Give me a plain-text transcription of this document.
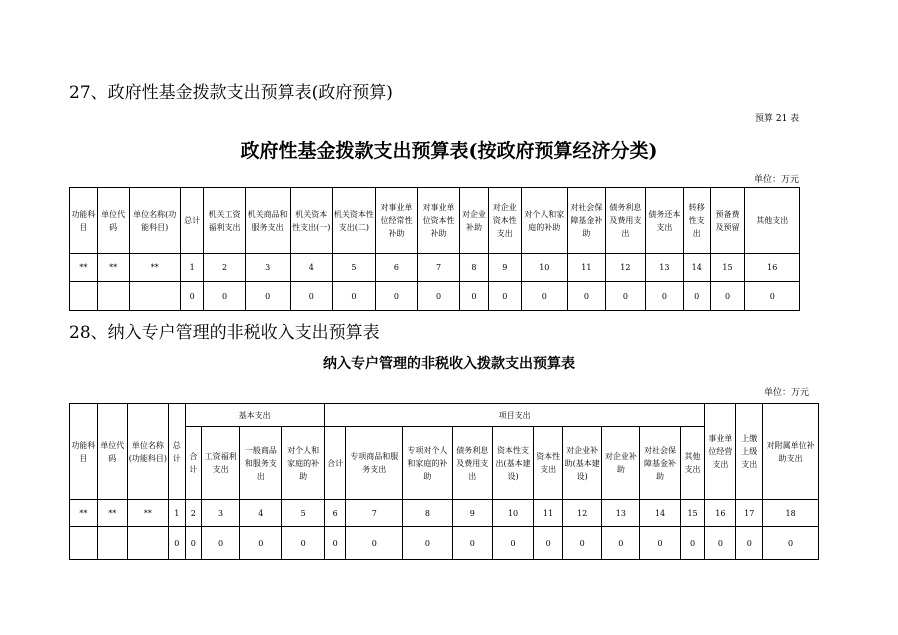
27、政府性基金拨款支出预算表(政府预算)
预算 21 表
政府性基金拨款支出预算表(按政府预算经济分类)
单位：万元
功能科目	单位代码	单位名称(功能科目)	总计	机关工资福利支出	机关商品和服务支出	机关资本性支出(一)	机关资本性支出(二)	对事业单位经常性补助	对事业单位资本性补助	对企业补助	对企业资本性支出	对个人和家庭的补助	对社会保障基金补助	债务利息及费用支出	债务还本支出	转移性支出	预备费及预留	其他支出
**	**	**	1	2	3	4	5	6	7	8	9	10	11	12	13	14	15	16
			0	0	0	0	0	0	0	0	0	0	0	0	0	0	0	0
28、纳入专户管理的非税收入支出预算表
纳入专户管理的非税收入拨款支出预算表
单位：万元
功能科目	单位代码	单位名称(功能科目)	总计	基本支出				项目支出										事业单位经营支出	上缴上级支出	对附属单位补助支出
				合计	工资福利支出	一般商品和服务支出	对个人和家庭的补助	合计	专项商品和服务支出	专项对个人和家庭的补助	债务利息及费用支出	资本性支出(基本建设)	资本性支出	对企业补助(基本建设)	对企业补助	对社会保障基金补助	其他支出			
**	**	**	1	2	3	4	5	6	7	8	9	10	11	12	13	14	15	16	17	18
			0	0	0	0	0	0	0	0	0	0	0	0	0	0	0	0	0	0
